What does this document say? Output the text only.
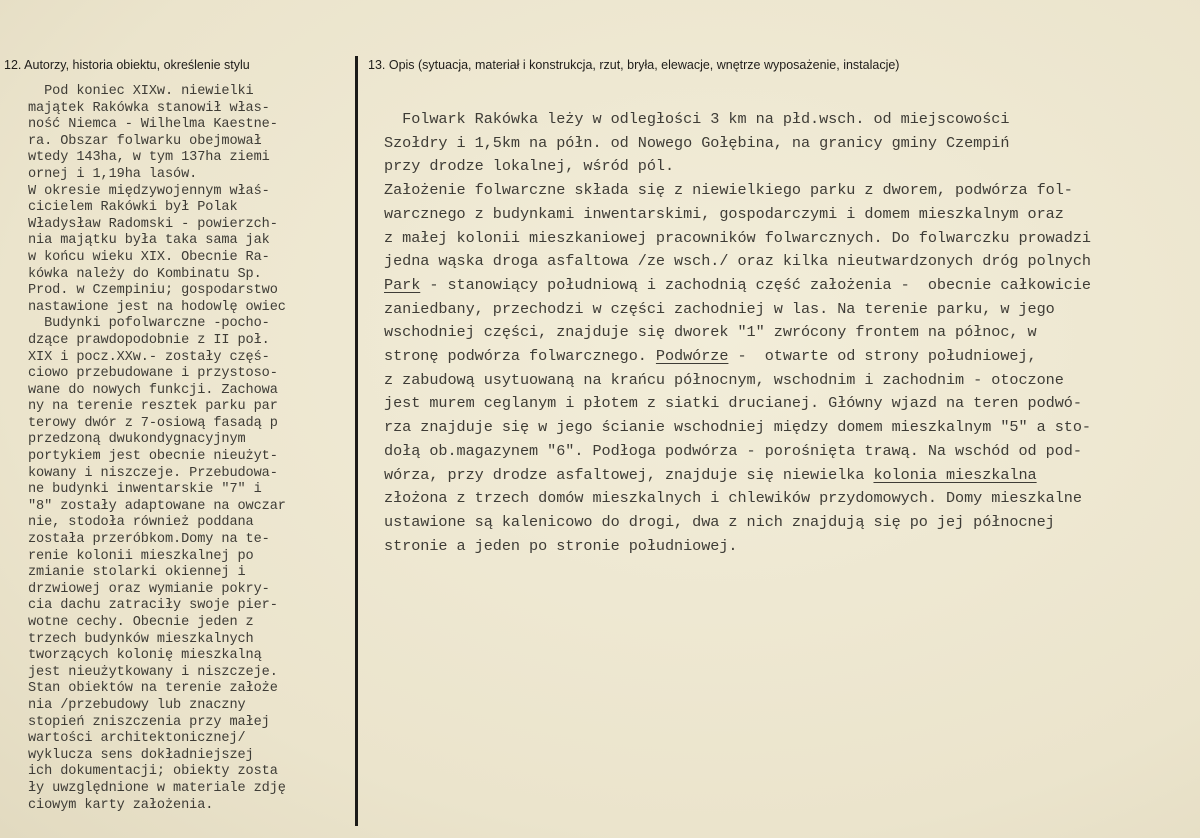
12. Autorzy, historia obiektu, określenie stylu	13. Opis (sytuacja, materiał i konstrukcja, rzut, bryła, elewacje, wnętrze wyposażenie, instalacje)
Pod koniec XIXw. niewielki
majątek Rakówka stanowił włas-
ność Niemca - Wilhelma Kaestne-
ra. Obszar folwarku obejmował
wtedy 143ha, w tym 137ha ziemi
ornej i 1,19ha lasów.
W okresie międzywojennym właś-
cicielem Rakówki był Polak
Władysław Radomski - powierzch-
nia majątku była taka sama jak
w końcu wieku XIX. Obecnie Ra-
kówka należy do Kombinatu Sp.
Prod. w Czempiniu; gospodarstwo
nastawione jest na hodowlę owiec
Budynki pofolwarczne -pocho-
dzące prawdopodobnie z II poł.
XIX i pocz.XXw.- zostały częś-
ciowo przebudowane i przystoso-
wane do nowych funkcji. Zachowa
ny na terenie resztek parku par
terowy dwór z 7-osiową fasadą p
przedzoną dwukondygnacyjnym
portykiem jest obecnie nieużyt-
kowany i niszczeje. Przebudowa-
ne budynki inwentarskie "7" i
"8" zostały adaptowane na owczar
nie, stodoła również poddana
została przeróbkom.Domy na te-
renie kolonii mieszkalnej po
zmianie stolarki okiennej i
drzwiowej oraz wymianie pokry-
cia dachu zatraciły swoje pier-
wotne cechy. Obecnie jeden z
trzech budynków mieszkalnych
tworzących kolonię mieszkalną
jest nieużytkowany i niszczeje.
Stan obiektów na terenie założe
nia /przebudowy lub znaczny
stopień zniszczenia przy małej
wartości architektonicznej/
wyklucza sens dokładniejszej
ich dokumentacji; obiekty zosta
ły uwzględnione w materiale zdję
ciowym karty założenia.
Folwark Rakówka leży w odległości 3 km na płd.wsch. od miejscowości
Szołdry i 1,5km na półn. od Nowego Gołębina, na granicy gminy Czempiń
przy drodze lokalnej, wśród pól.
Założenie folwarczne składa się z niewielkiego parku z dworem, podwórza fol-
warcznego z budynkami inwentarskimi, gospodarczymi i domem mieszkalnym oraz
z małej kolonii mieszkaniowej pracowników folwarcznych. Do folwarczku prowadzi
jedna wąska droga asfaltowa /ze wsch./ oraz kilka nieutwardzonych dróg polnych
Park - stanowiący południową i zachodnią część założenia -  obecnie całkowicie
zaniedbany, przechodzi w części zachodniej w las. Na terenie parku, w jego
wschodniej części, znajduje się dworek "1" zwrócony frontem na północ, w
stronę podwórza folwarcznego. Podwórze -  otwarte od strony południowej,
z zabudową usytuowaną na krańcu północnym, wschodnim i zachodnim - otoczone
jest murem ceglanym i płotem z siatki drucianej. Główny wjazd na teren podwó-
rza znajduje się w jego ścianie wschodniej między domem mieszkalnym "5" a sto-
dołą ob.magazynem "6". Podłoga podwórza - porośnięta trawą. Na wschód od pod-
wórza, przy drodze asfaltowej, znajduje się niewielka kolonia mieszkalna
złożona z trzech domów mieszkalnych i chlewików przydomowych. Domy mieszkalne
ustawione są kalenicowo do drogi, dwa z nich znajdują się po jej północnej
stronie a jeden po stronie południowej.
